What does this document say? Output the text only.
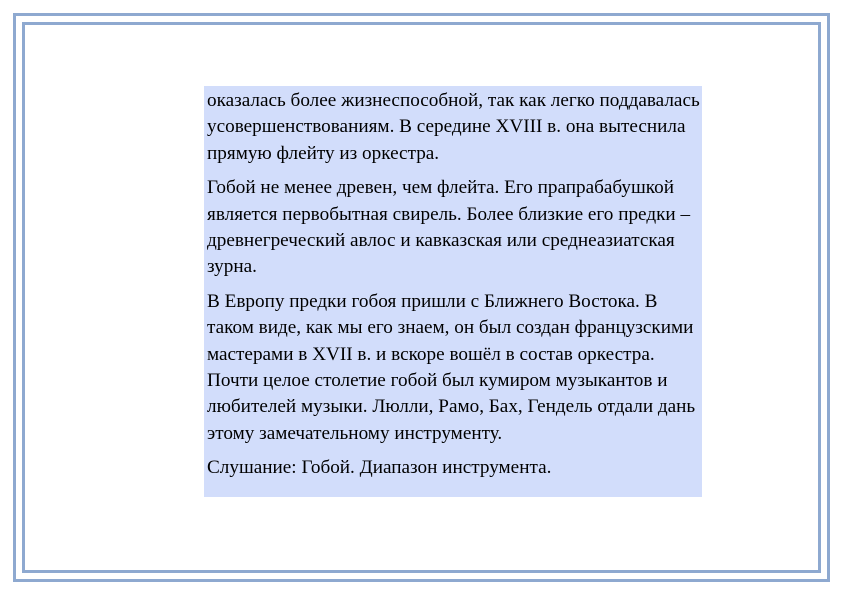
оказалась более жизнеспособной, так как легко поддавалась усовершенствованиям. В середине XVIII в. она вытеснила прямую флейту из оркестра.

Гобой не менее древен, чем флейта. Его прапрабабушкой является первобытная свирель. Более близкие его предки – древнегреческий авлос и кавказская или среднеазиатская зурна.

В Европу предки гобоя пришли с Ближнего Востока. В таком виде, как мы его знаем, он был создан французскими мастерами в XVII в. и вскоре вошёл в состав оркестра. Почти целое столетие гобой был кумиром музыкантов и любителей музыки. Люлли, Рамо, Бах, Гендель отдали дань этому замечательному инструменту.

Слушание: Гобой. Диапазон инструмента.
